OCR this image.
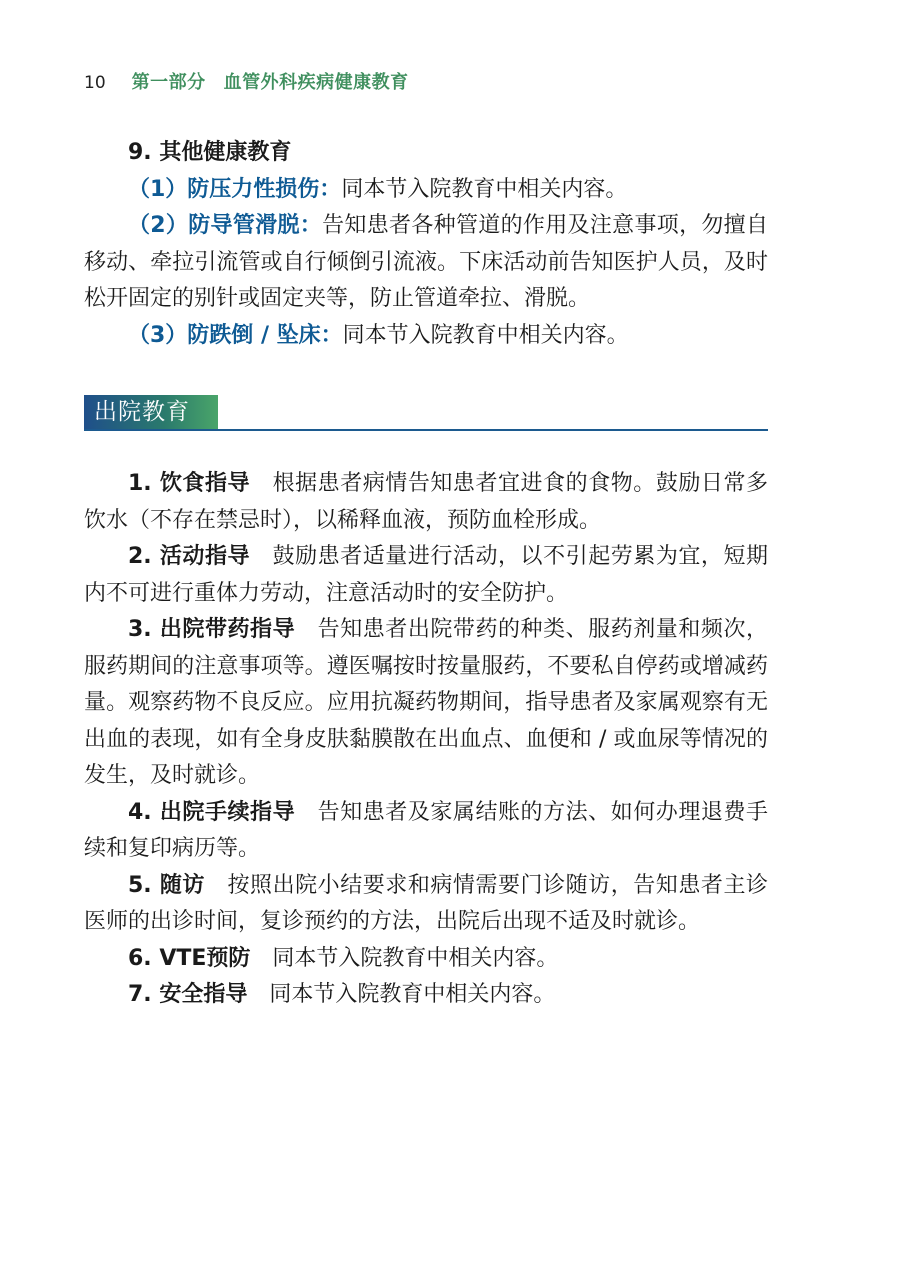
10 第一部分 血管外科疾病健康教育

9. 其他健康教育

（1）防压力性损伤：同本节入院教育中相关内容。

（2）防导管滑脱：告知患者各种管道的作用及注意事项，勿擅自移动、牵拉引流管或自行倾倒引流液。下床活动前告知医护人员，及时松开固定的别针或固定夹等，防止管道牵拉、滑脱。

（3）防跌倒 / 坠床：同本节入院教育中相关内容。

出院教育

1. 饮食指导 根据患者病情告知患者宜进食的食物。鼓励日常多饮水（不存在禁忌时），以稀释血液，预防血栓形成。

2. 活动指导 鼓励患者适量进行活动，以不引起劳累为宜，短期内不可进行重体力劳动，注意活动时的安全防护。

3. 出院带药指导 告知患者出院带药的种类、服药剂量和频次，服药期间的注意事项等。遵医嘱按时按量服药，不要私自停药或增减药量。观察药物不良反应。应用抗凝药物期间，指导患者及家属观察有无出血的表现，如有全身皮肤黏膜散在出血点、血便和 / 或血尿等情况的发生，及时就诊。

4. 出院手续指导 告知患者及家属结账的方法、如何办理退费手续和复印病历等。

5. 随访 按照出院小结要求和病情需要门诊随访，告知患者主诊医师的出诊时间，复诊预约的方法，出院后出现不适及时就诊。

6. VTE预防 同本节入院教育中相关内容。

7. 安全指导 同本节入院教育中相关内容。
